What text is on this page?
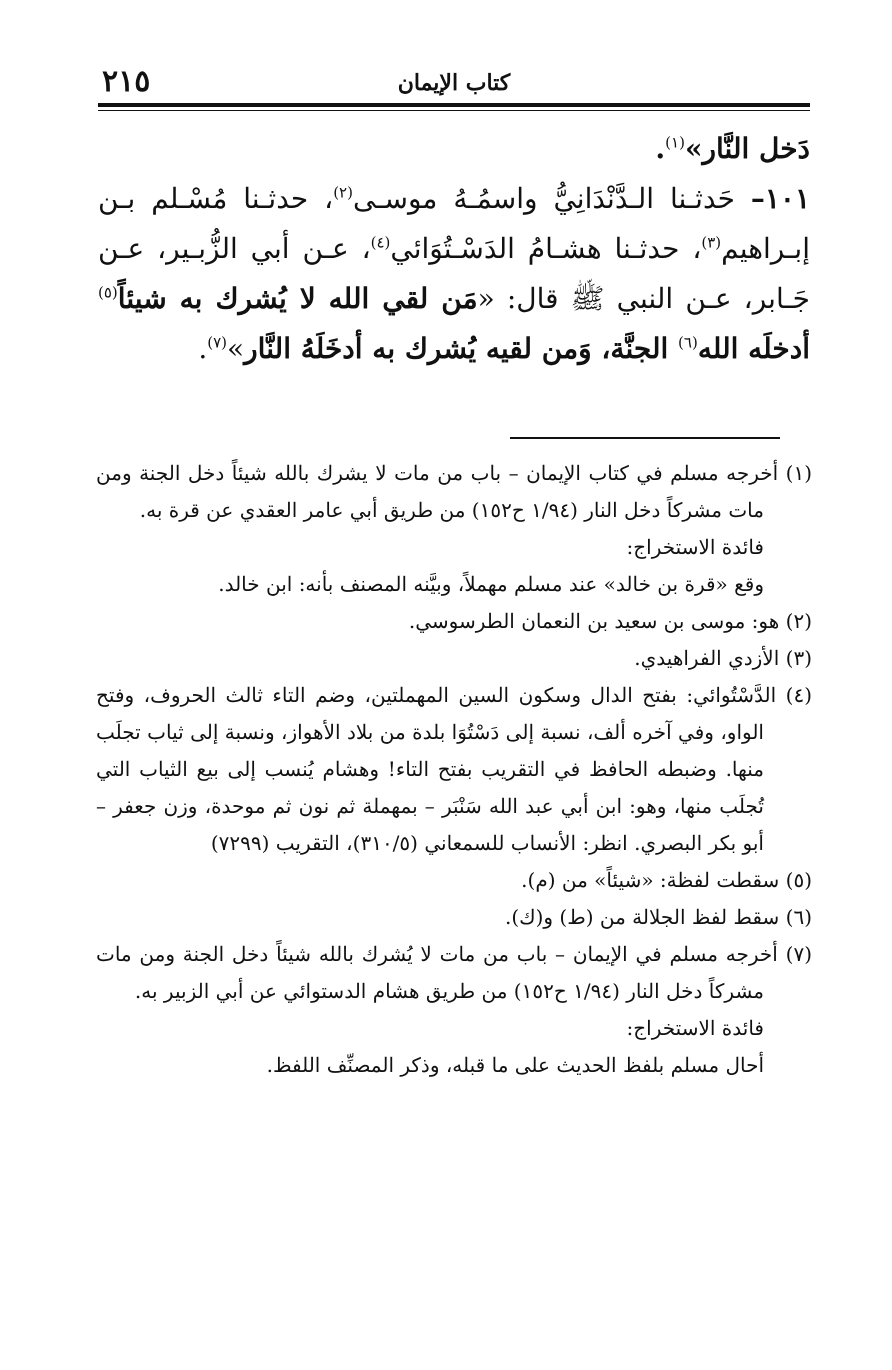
٢١٥	كتاب الإيمان

دَخل النَّار»$^{(١)}$.

١٠١– حَدثـنا الـدَّنْدَانِيُّ واسمُـهُ موسـى$^{(٢)}$، حدثـنا مُسْـلم بـن إبـراهيم$^{(٣)}$، حدثـنا هشـامُ الدَسْـتُوَائي$^{(٤)}$، عـن أبي الزُّبـير، عـن جَـابر، عـن النبي ﷺ قال: «مَن لقي الله لا يُشرك به شيئاً$^{(٥)}$ أدخلَه الله$^{(٦)}$ الجنَّة، وَمن لقيه يُشرك به أدخَلَهُ النَّار»$^{(٧)}$.

(١) أخرجه مسلم في كتاب الإيمان – باب من مات لا يشرك بالله شيئاً دخل الجنة ومن مات مشركاً دخل النار (١/٩٤ ح١٥٢) من طريق أبي عامر العقدي عن قرة به.

فائدة الاستخراج:

وقع «قرة بن خالد» عند مسلم مهملاً، وبيَّنه المصنف بأنه: ابن خالد.

(٢) هو: موسى بن سعيد بن النعمان الطرسوسي.

(٣) الأزدي الفراهيدي.

(٤) الدَّسْتُوائي: بفتح الدال وسكون السين المهملتين، وضم التاء ثالث الحروف، وفتح الواو، وفي آخره ألف، نسبة إلى دَسْتُوَا بلدة من بلاد الأهواز، ونسبة إلى ثياب تجلَب منها. وضبطه الحافظ في التقريب بفتح التاء! وهشام يُنسب إلى بيع الثياب التي تُجلَب منها، وهو: ابن أبي عبد الله سَنْبَر – بمهملة ثم نون ثم موحدة، وزن جعفر – أبو بكر البصري. انظر: الأنساب للسمعاني (٣١٠/٥)، التقريب (٧٢٩٩)

(٥) سقطت لفظة: «شيئاً» من (م).

(٦) سقط لفظ الجلالة من (ط) و(ك).

(٧) أخرجه مسلم في الإيمان – باب من مات لا يُشرك بالله شيئاً دخل الجنة ومن مات مشركاً دخل النار (١/٩٤ ح١٥٢) من طريق هشام الدستوائي عن أبي الزبير به.

فائدة الاستخراج:

أحال مسلم بلفظ الحديث على ما قبله، وذكر المصنِّف اللفظ.
